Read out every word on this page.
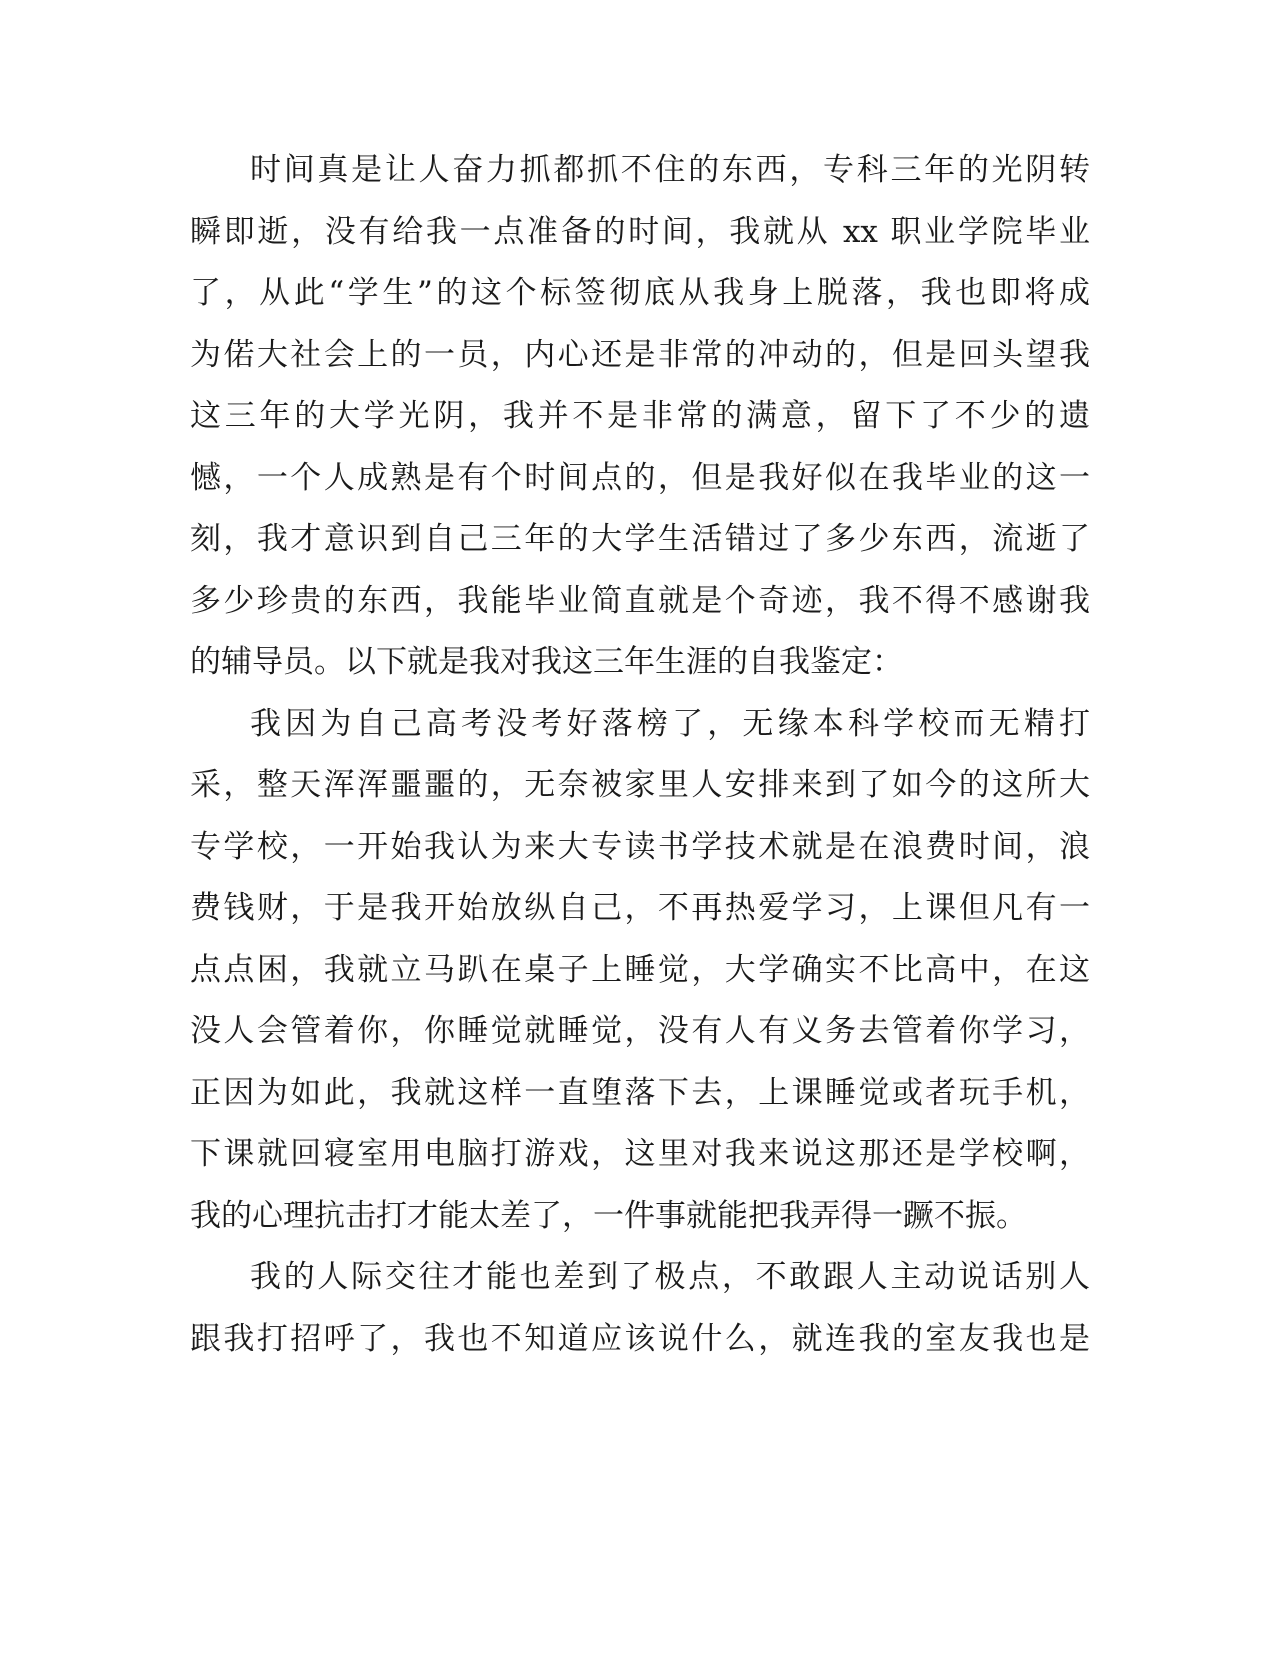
时间真是让人奋力抓都抓不住的东西，专科三年的光阴转
瞬即逝，没有给我一点准备的时间，我就从 xx 职业学院毕业
了，从此“学生”的这个标签彻底从我身上脱落，我也即将成
为偌大社会上的一员，内心还是非常的冲动的，但是回头望我
这三年的大学光阴，我并不是非常的满意，留下了不少的遗
憾，一个人成熟是有个时间点的，但是我好似在我毕业的这一
刻，我才意识到自己三年的大学生活错过了多少东西，流逝了
多少珍贵的东西，我能毕业简直就是个奇迹，我不得不感谢我
的辅导员。以下就是我对我这三年生涯的自我鉴定：
我因为自己高考没考好落榜了，无缘本科学校而无精打
采，整天浑浑噩噩的，无奈被家里人安排来到了如今的这所大
专学校，一开始我认为来大专读书学技术就是在浪费时间，浪
费钱财，于是我开始放纵自己，不再热爱学习，上课但凡有一
点点困，我就立马趴在桌子上睡觉，大学确实不比高中，在这
没人会管着你，你睡觉就睡觉，没有人有义务去管着你学习，
正因为如此，我就这样一直堕落下去，上课睡觉或者玩手机，
下课就回寝室用电脑打游戏，这里对我来说这那还是学校啊，
我的心理抗击打才能太差了，一件事就能把我弄得一蹶不振。
我的人际交往才能也差到了极点，不敢跟人主动说话别人
跟我打招呼了，我也不知道应该说什么，就连我的室友我也是
